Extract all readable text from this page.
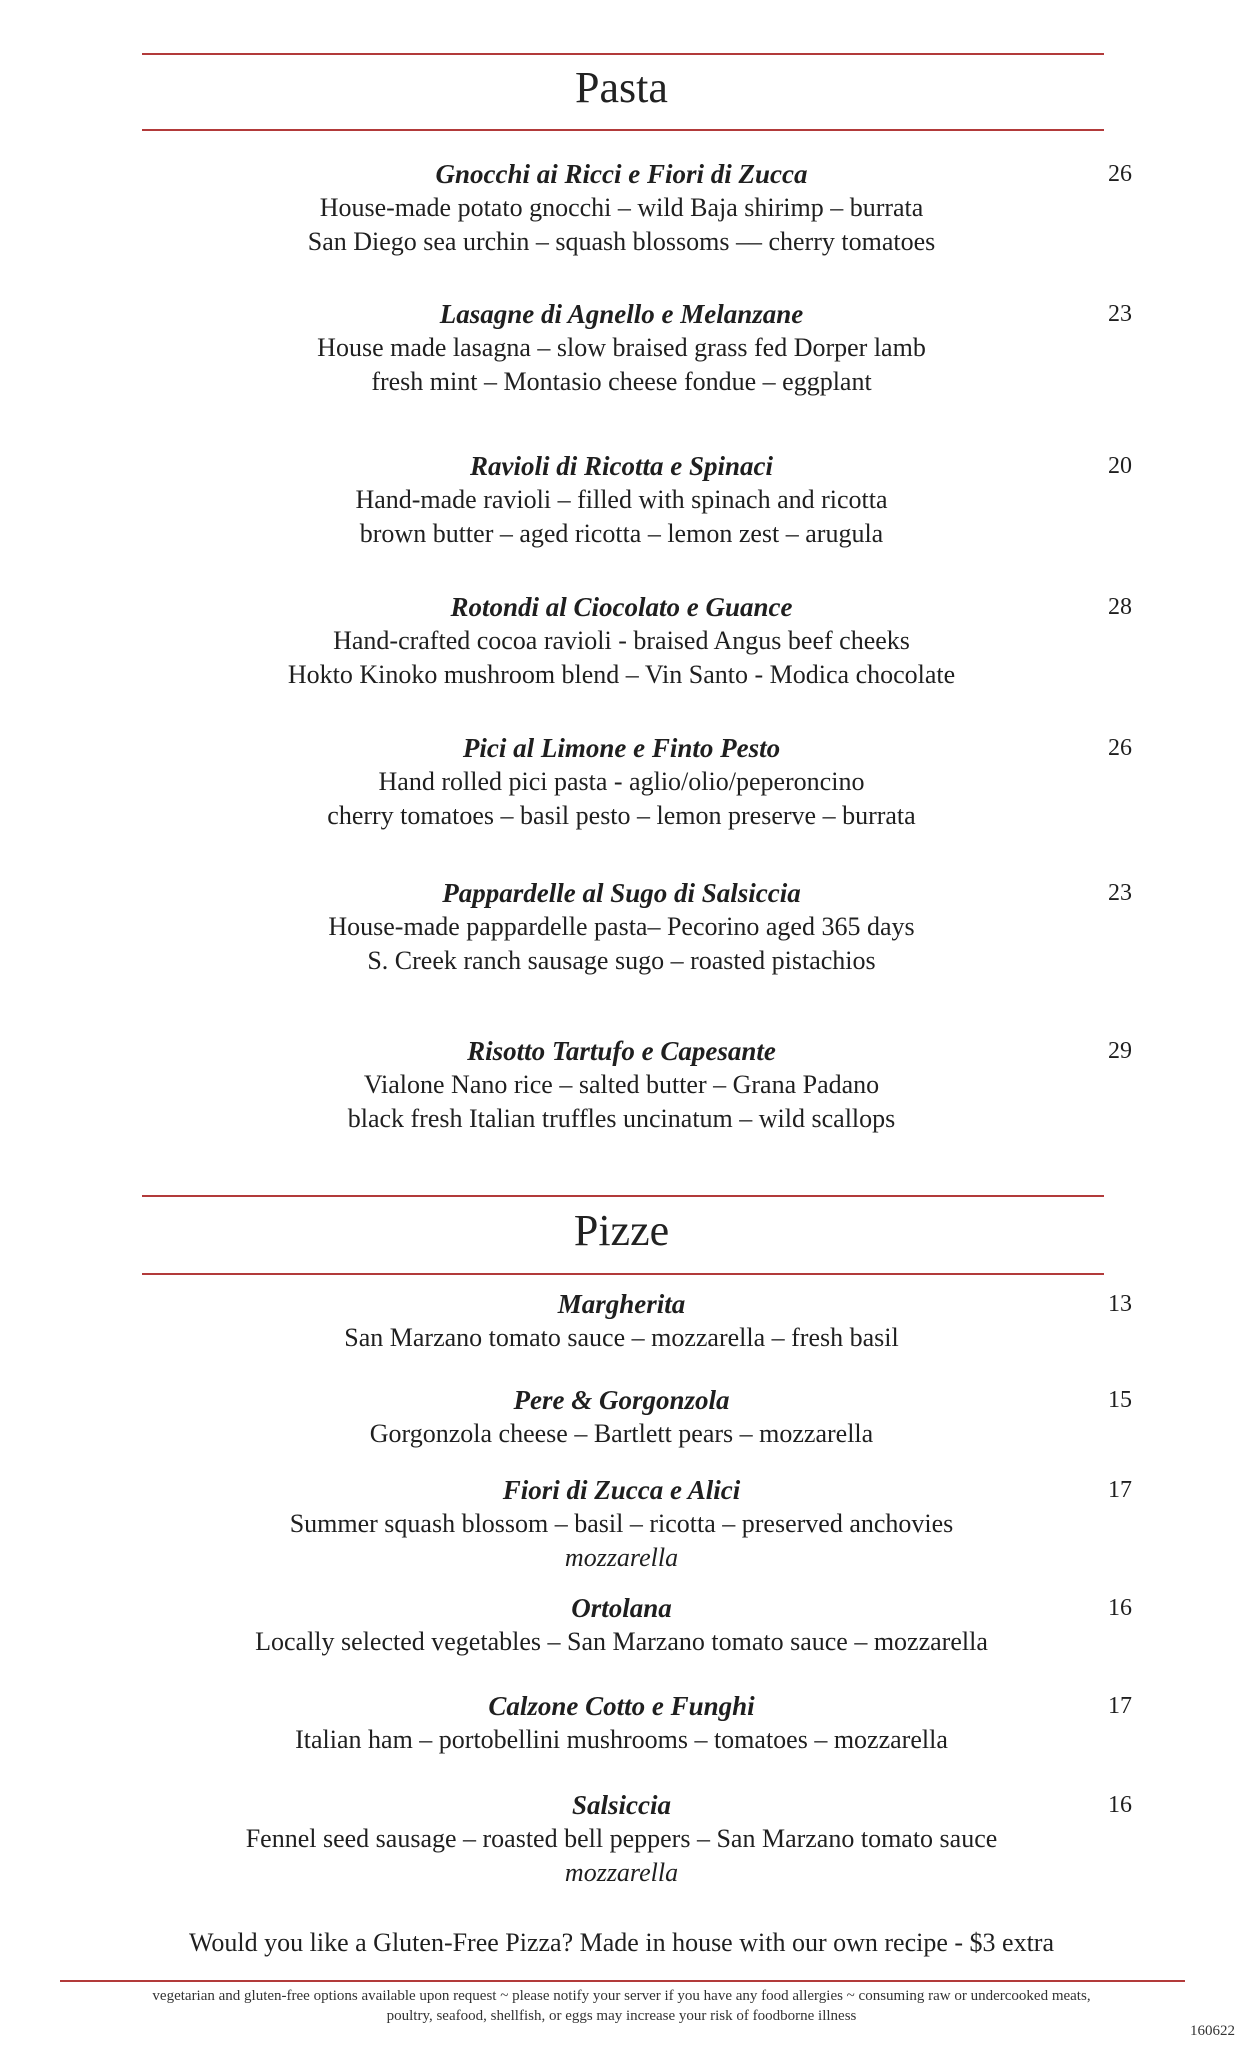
Pasta
Gnocchi ai Ricci e Fiori di Zucca	26
House-made potato gnocchi – wild Baja shirimp – burrata
San Diego sea urchin – squash blossoms –– cherry tomatoes
Lasagne di Agnello e Melanzane	23
House made lasagna – slow braised grass fed Dorper lamb
fresh mint – Montasio cheese fondue – eggplant
Ravioli di Ricotta e Spinaci	20
Hand-made ravioli – filled with spinach and ricotta
brown butter – aged ricotta – lemon zest – arugula
Rotondi al Ciocolato e Guance	28
Hand-crafted cocoa ravioli - braised Angus beef cheeks
Hokto Kinoko mushroom blend – Vin Santo - Modica chocolate
Pici al Limone e Finto Pesto	26
Hand rolled pici pasta - aglio/olio/peperoncino
cherry tomatoes – basil pesto – lemon preserve – burrata
Pappardelle al Sugo di Salsiccia	23
House-made pappardelle pasta– Pecorino aged 365 days
S. Creek ranch sausage sugo – roasted pistachios
Risotto Tartufo e Capesante	29
Vialone Nano rice – salted butter – Grana Padano
black fresh Italian truffles uncinatum – wild scallops
Pizze
Margherita	13
San Marzano tomato sauce – mozzarella – fresh basil
Pere & Gorgonzola	15
Gorgonzola cheese – Bartlett pears – mozzarella
Fiori di Zucca e Alici	17
Summer squash blossom – basil – ricotta – preserved anchovies
mozzarella
Ortolana	16
Locally selected vegetables – San Marzano tomato sauce – mozzarella
Calzone Cotto e Funghi	17
Italian ham – portobellini mushrooms – tomatoes – mozzarella
Salsiccia	16
Fennel seed sausage – roasted bell peppers – San Marzano tomato sauce
mozzarella
Would you like a Gluten-Free Pizza? Made in house with our own recipe - $3 extra
vegetarian and gluten-free options available upon request ~ please notify your server if you have any food allergies ~ consuming raw or undercooked meats,
poultry, seafood, shellfish, or eggs may increase your risk of foodborne illness
160622
